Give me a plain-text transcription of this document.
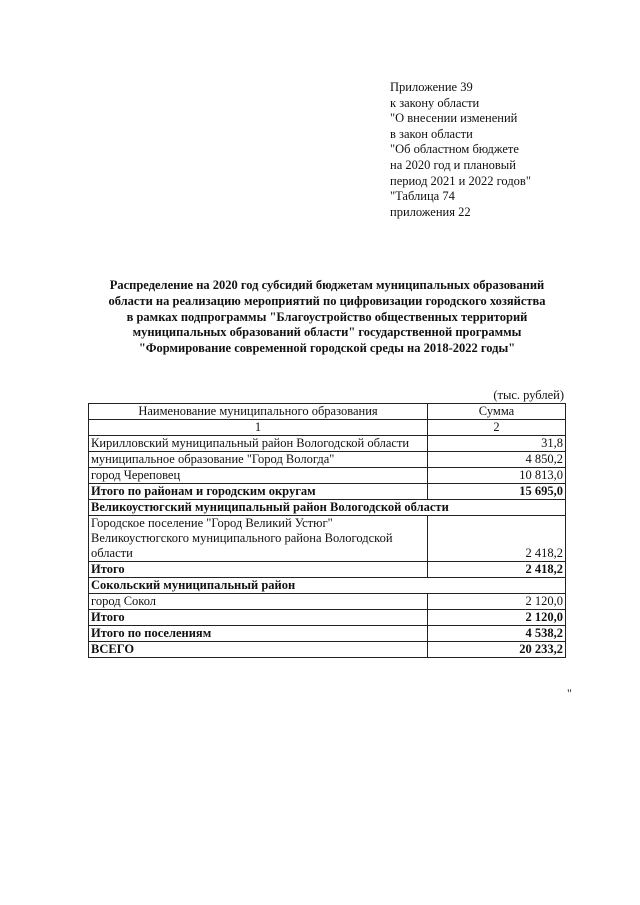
Приложение 39
к закону области
"О внесении изменений
в закон области
"Об областном бюджете
на 2020 год и плановый
период 2021 и 2022 годов"
"Таблица 74
приложения 22
Распределение на 2020 год субсидий бюджетам муниципальных образований
области на реализацию мероприятий по цифровизации городского хозяйства
в рамках подпрограммы "Благоустройство общественных территорий
муниципальных образований области" государственной программы
"Формирование современной городской среды на 2018-2022 годы"
(тыс. рублей)
Наименование муниципального образования	Сумма
1	2
Кирилловский муниципальный район Вологодской области	31,8
муниципальное образование "Город Вологда"	4 850,2
город Череповец	10 813,0
Итого по районам и городским округам	15 695,0
Великоустюгский муниципальный район Вологодской области	
Городское поселение "Город Великий Устюг" Великоустюгского муниципального района Вологодской области	2 418,2
Итого	2 418,2
Сокольский муниципальный район	
город Сокол	2 120,0
Итого	2 120,0
Итого по поселениям	4 538,2
ВСЕГО	20 233,2
"
